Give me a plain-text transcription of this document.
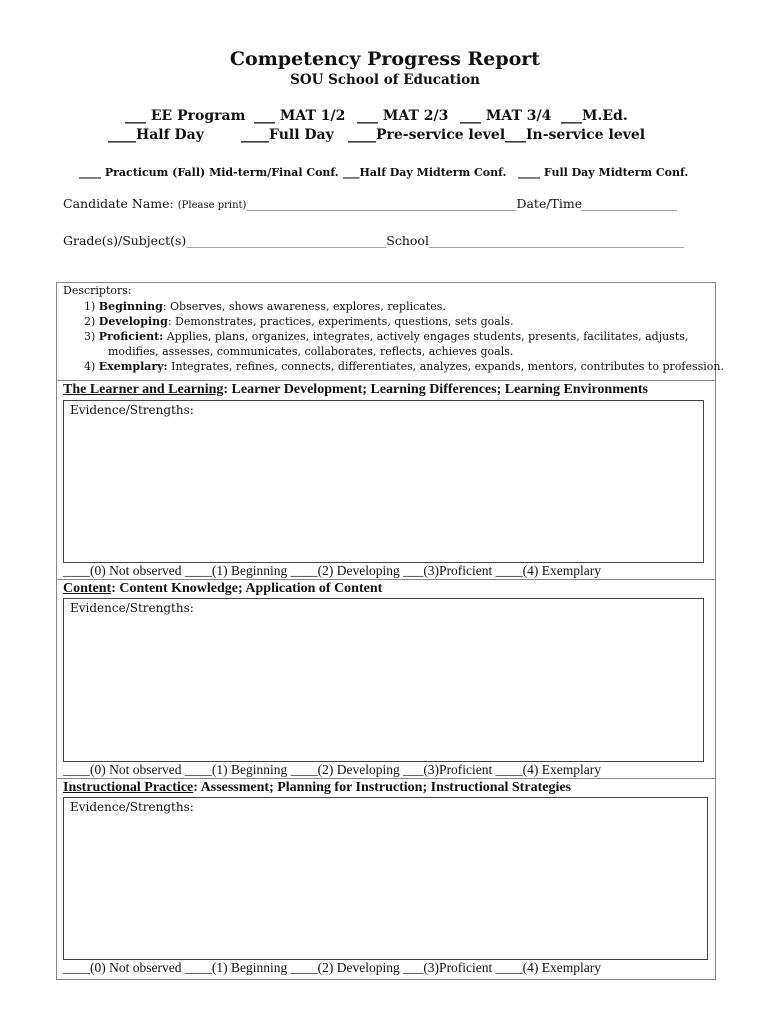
Competency Progress Report
SOU School of Education
___ EE Program ___ MAT 1/2 ___ MAT 2/3 ___ MAT 3/4 ___M.Ed.
____Half Day	____Full Day ____Pre-service level ___In-service level
____ Practicum (Fall) Mid-term/Final Conf. ___Half Day Midterm Conf. ____ Full Day Midterm Conf.
Candidate Name: (Please print)______________________________________________________Date/Time___________________
Grade(s)/Subject(s)________________________________________School___________________________________________________
Descriptors:
1) Beginning: Observes, shows awareness, explores, replicates.
2) Developing: Demonstrates, practices, experiments, questions, sets goals.
3) Proficient: Applies, plans, organizes, integrates, actively engages students, presents, facilitates, adjusts,
modifies, assesses, communicates, collaborates, reflects, achieves goals.
4) Exemplary: Integrates, refines, connects, differentiates, analyzes, expands, mentors, contributes to profession.
The Learner and Learning: Learner Development; Learning Differences; Learning Environments
Evidence/Strengths:
____(0) Not observed ____(1) Beginning ____(2) Developing ___(3)Proficient ____(4) Exemplary
Content: Content Knowledge; Application of Content
Evidence/Strengths:
____(0) Not observed ____(1) Beginning ____(2) Developing ___(3)Proficient ____(4) Exemplary
Instructional Practice: Assessment; Planning for Instruction; Instructional Strategies
Evidence/Strengths:
____(0) Not observed ____(1) Beginning ____(2) Developing ___(3)Proficient ____(4) Exemplary
